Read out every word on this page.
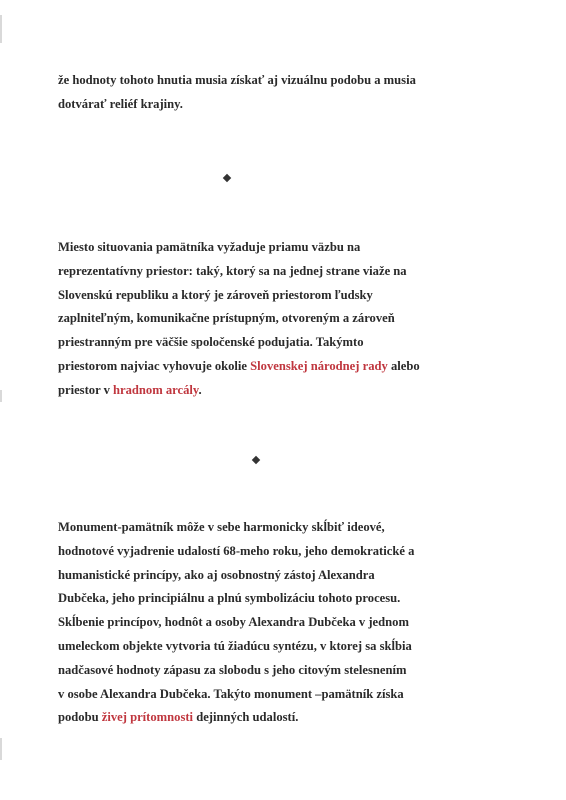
že hodnoty tohoto hnutia musia získať aj vizuálnu podobu a musia
dotvárať reliéf krajiny.
Miesto situovania pamätníka vyžaduje priamu väzbu na
reprezentatívny priestor: taký, ktorý sa na jednej strane viaže na
Slovenskú republiku a ktorý je zároveň priestorom ľudsky
zaplniteľným, komunikačne prístupným, otvoreným a zároveň
priestranným pre väčšie spoločenské podujatia. Takýmto
priestorom najviac vyhovuje okolie Slovenskej národnej rady alebo
priestor v hradnom arcály.
Monument-pamätník môže v sebe harmonicky skĺbiť ideové,
hodnotové vyjadrenie udalostí 68-meho roku, jeho demokratické a
humanistické princípy, ako aj osobnostný zástoj Alexandra
Dubčeka, jeho principiálnu a plnú symbolizáciu tohoto procesu.
Skĺbenie princípov, hodnôt a osoby Alexandra Dubčeka v jednom
umeleckom objekte vytvoria tú žiadúcu syntézu, v ktorej sa skĺbia
nadčasové hodnoty zápasu za slobodu s jeho citovým stelesnením
v osobe Alexandra Dubčeka. Takýto monument –pamätník získa
podobu živej prítomnosti dejinných udalostí.
